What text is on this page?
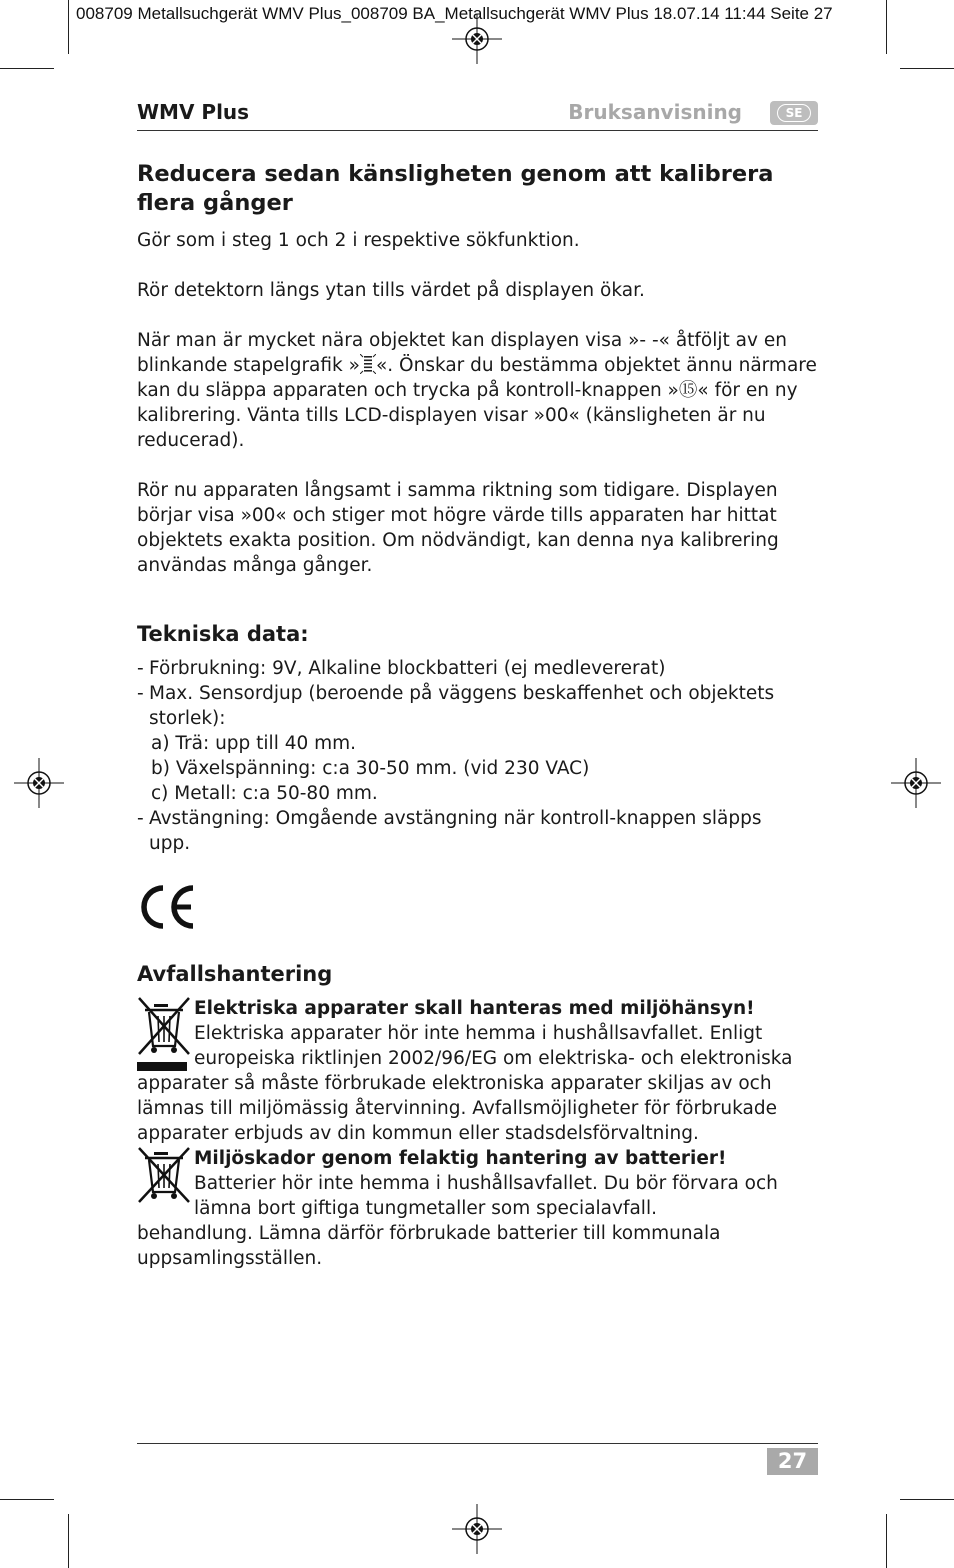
008709 Metallsuchgerät WMV Plus_008709 BA_Metallsuchgerät WMV Plus 18.07.14 11:44 Seite 27
WMV Plus	Bruksanvisning	SE
Reducera sedan känsligheten genom att kalibrera flera gånger

Gör som i steg 1 och 2 i respektive sökfunktion.

Rör detektorn längs ytan tills värdet på displayen ökar.

När man är mycket nära objektet kan displayen visa »- -« åtföljt av en blinkande stapelgrafik » «. Önskar du bestämma objektet ännu närmare kan du släppa apparaten och trycka på kontroll-knappen »⑮« för en ny kalibrering. Vänta tills LCD-displayen visar »00« (känsligheten är nu reducerad).

Rör nu apparaten långsamt i samma riktning som tidigare. Displayen börjar visa »00« och stiger mot högre värde tills apparaten har hittat objektets exakta position. Om nödvändigt, kan denna nya kalibrering användas många gånger.

Tekniska data:
- Förbrukning: 9V, Alkaline blockbatteri (ej medlevererat)
- Max. Sensordjup (beroende på väggens beskaffenhet och objektets
storlek):
a) Trä: upp till 40 mm.
b) Växelspänning: c:a 30-50 mm. (vid 230 VAC)
c) Metall: c:a 50-80 mm.
- Avstängning: Omgående avstängning när kontroll-knappen släpps
upp.
Avfallshantering

Elektriska apparater skall hanteras med miljöhänsyn!

Elektriska apparater hör inte hemma i hushållsavfallet. Enligt europeiska riktlinjen 2002/96/EG om elektriska- och elektroniska

apparater så måste förbrukade elektroniska apparater skiljas av och lämnas till miljömässig återvinning. Avfallsmöjligheter för förbrukade apparater erbjuds av din kommun eller stadsdelsförvaltning.

Miljöskador genom felaktig hantering av batterier!

Batterier hör inte hemma i hushållsavfallet. Du bör förvara och lämna bort giftiga tungmetaller som specialavfall.

behandlung. Lämna därför förbrukade batterier till kommunala uppsamlingsställen.

27
